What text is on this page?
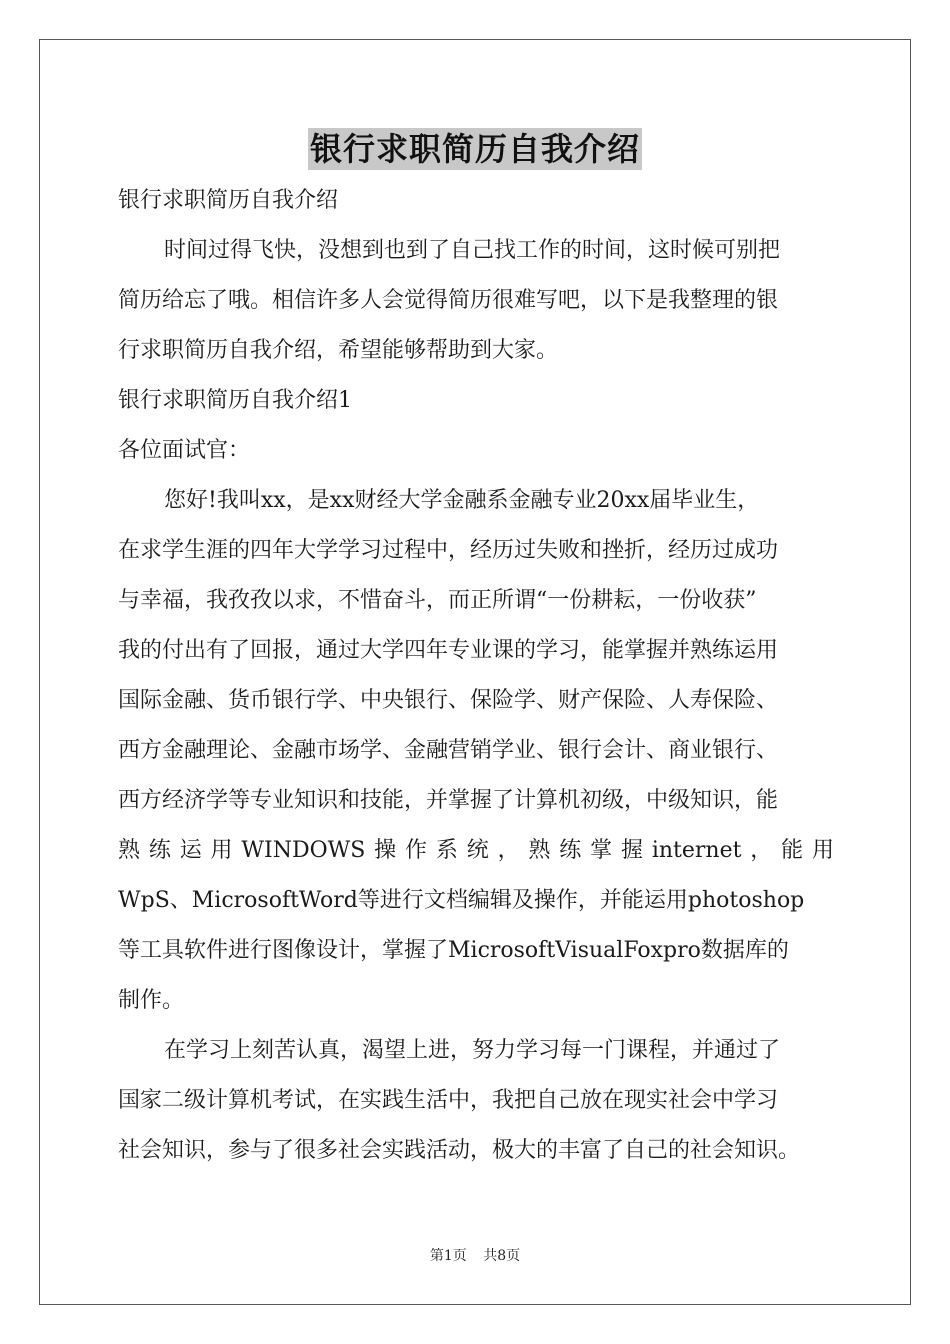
银行求职简历自我介绍
银行求职简历自我介绍
时间过得飞快，没想到也到了自己找工作的时间，这时候可别把
简历给忘了哦。相信许多人会觉得简历很难写吧，以下是我整理的银
行求职简历自我介绍，希望能够帮助到大家。
银行求职简历自我介绍1
各位面试官：
您好!我叫xx，是xx财经大学金融系金融专业20xx届毕业生，
在求学生涯的四年大学学习过程中，经历过失败和挫折，经历过成功
与幸福，我孜孜以求，不惜奋斗，而正所谓“一份耕耘，一份收获”
我的付出有了回报，通过大学四年专业课的学习，能掌握并熟练运用
国际金融、货币银行学、中央银行、保险学、财产保险、人寿保险、
西方金融理论、金融市场学、金融营销学业、银行会计、商业银行、
西方经济学等专业知识和技能，并掌握了计算机初级，中级知识，能
熟练运用WINDOWS操作系统，熟练掌握internet，能用
WpS、MicrosoftWord等进行文档编辑及操作，并能运用photoshop
等工具软件进行图像设计，掌握了MicrosoftVisualFoxpro数据库的
制作。
在学习上刻苦认真，渴望上进，努力学习每一门课程，并通过了
国家二级计算机考试，在实践生活中，我把自己放在现实社会中学习
社会知识，参与了很多社会实践活动，极大的丰富了自己的社会知识。
第1页 共8页
